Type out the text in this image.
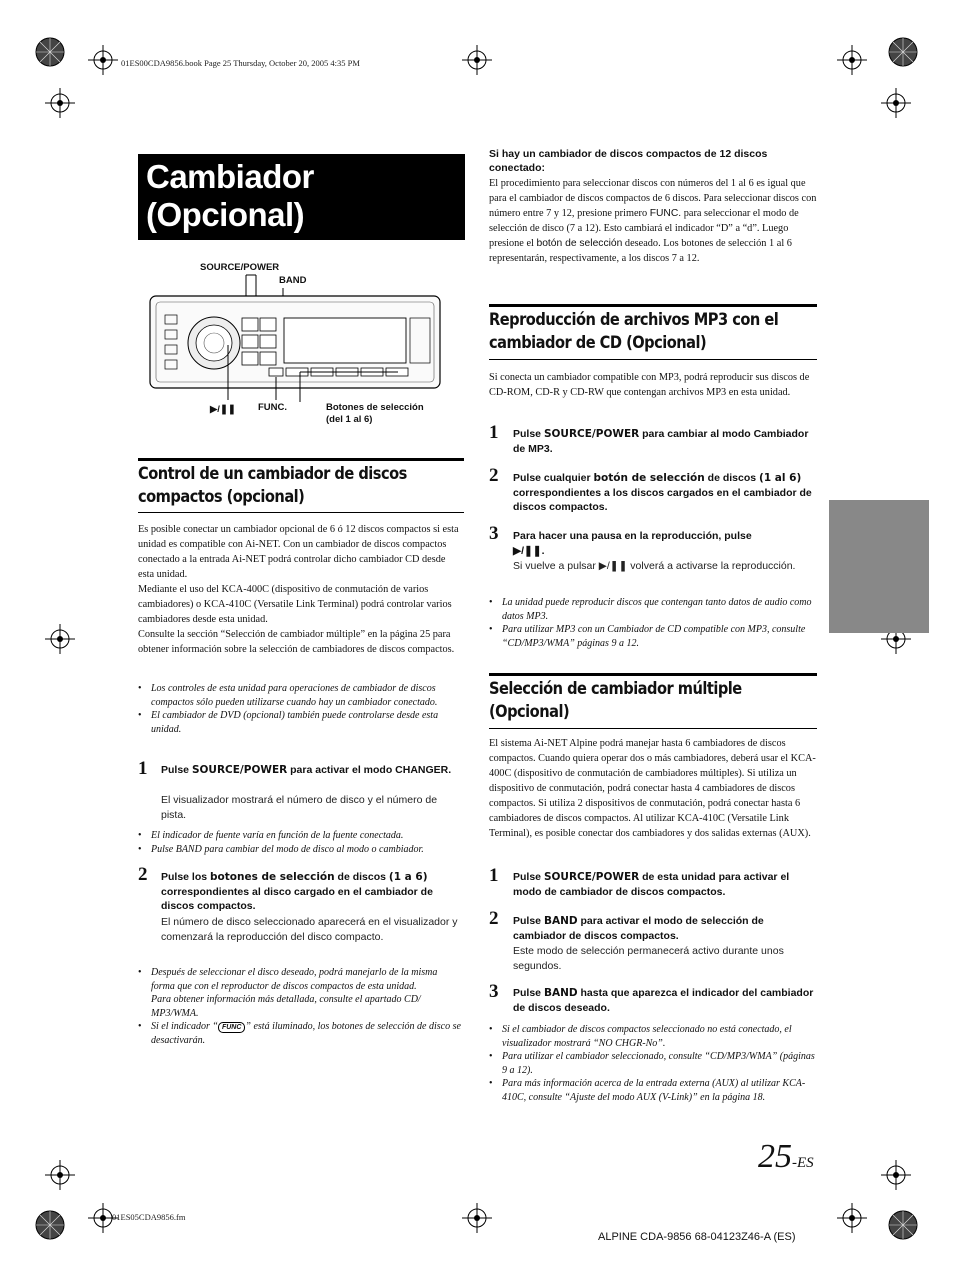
01ES00CDA9856.book Page 25 Thursday, October 20, 2005 4:35 PM
Cambiador
(Opcional)
SOURCE/POWER
BAND
▶/❚❚ FUNC.	Botones de selección
(del 1 al 6)
Control de un cambiador de discos compactos (opcional)
Es posible conectar un cambiador opcional de 6 ó 12 discos compactos si esta unidad es compatible con Ai-NET. Con un cambiador de discos compactos conectado a la entrada Ai-NET podrá controlar dicho cambiador CD desde esta unidad.
Mediante el uso del KCA-400C (dispositivo de conmutación de varios cambiadores) o KCA-410C (Versatile Link Terminal) podrá controlar varios cambiadores desde esta unidad.
Consulte la sección “Selección de cambiador múltiple” en la página 25 para obtener información sobre la selección de cambiadores de discos compactos.
• Los controles de esta unidad para operaciones de cambiador de discos compactos sólo pueden utilizarse cuando hay un cambiador conectado.
• El cambiador de DVD (opcional) también puede controlarse desde esta unidad.
1 Pulse SOURCE/POWER para activar el modo CHANGER.
El visualizador mostrará el número de disco y el número de pista.
• El indicador de fuente varía en función de la fuente conectada.
• Pulse BAND para cambiar del modo de disco al modo o cambiador.
2 Pulse los botones de selección de discos (1 a 6) correspondientes al disco cargado en el cambiador de discos compactos.
El número de disco seleccionado aparecerá en el visualizador y comenzará la reproducción del disco compacto.
• Después de seleccionar el disco deseado, podrá manejarlo de la misma forma que con el reproductor de discos compactos de esta unidad.
Para obtener información más detallada, consulte el apartado CD/ MP3/WMA.
• Si el indicador “ FUNC ” está iluminado, los botones de selección de disco se desactivarán.
Si hay un cambiador de discos compactos de 12 discos conectado:
El procedimiento para seleccionar discos con números del 1 al 6 es igual que para el cambiador de discos compactos de 6 discos. Para seleccionar discos con número entre 7 y 12, presione primero FUNC. para seleccionar el modo de selección de disco (7 a 12). Esto cambiará el indicador “D” a “d”. Luego presione el botón de selección deseado. Los botones de selección 1 al 6 representarán, respectivamente, a los discos 7 a 12.
Reproducción de archivos MP3 con el cambiador de CD (Opcional)
Si conecta un cambiador compatible con MP3, podrá reproducir sus discos de CD-ROM, CD-R y CD-RW que contengan archivos MP3 en esta unidad.
1 Pulse SOURCE/POWER para cambiar al modo Cambiador de MP3.
2 Pulse cualquier botón de selección de discos (1 al 6) correspondientes a los discos cargados en el cambiador de discos compactos.
3 Para hacer una pausa en la reproducción, pulse
▶/❚❚.
Si vuelve a pulsar ▶/❚❚ volverá a activarse la reproducción.
• La unidad puede reproducir discos que contengan tanto datos de audio como datos MP3.
• Para utilizar MP3 con un Cambiador de CD compatible con MP3, consulte “CD/MP3/WMA” páginas 9 a 12.
Selección de cambiador múltiple (Opcional)
El sistema Ai-NET Alpine podrá manejar hasta 6 cambiadores de discos compactos. Cuando quiera operar dos o más cambiadores, deberá usar el KCA-400C (dispositivo de conmutación de cambiadores múltiples). Si utiliza un dispositivo de conmutación, podrá conectar hasta 4 cambiadores de discos compactos. Si utiliza 2 dispositivos de conmutación, podrá conectar hasta 6 cambiadores de discos compactos. Al utilizar KCA-410C (Versatile Link Terminal), es posible conectar dos cambiadores y dos salidas externas (AUX).
1 Pulse SOURCE/POWER de esta unidad para activar el modo de cambiador de discos compactos.
2 Pulse BAND para activar el modo de selección de cambiador de discos compactos.
Este modo de selección permanecerá activo durante unos segundos.
3 Pulse BAND hasta que aparezca el indicador del cambiador de discos deseado.
• Si el cambiador de discos compactos seleccionado no está conectado, el visualizador mostrará “NO CHGR-No”.
• Para utilizar el cambiador seleccionado, consulte “CD/MP3/WMA” (páginas 9 a 12).
• Para más información acerca de la entrada externa (AUX) al utilizar KCA-410C, consulte “Ajuste del modo AUX (V-Link)” en la página 18.
25-ES
01ES05CDA9856.fm
ALPINE CDA-9856 68-04123Z46-A (ES)
